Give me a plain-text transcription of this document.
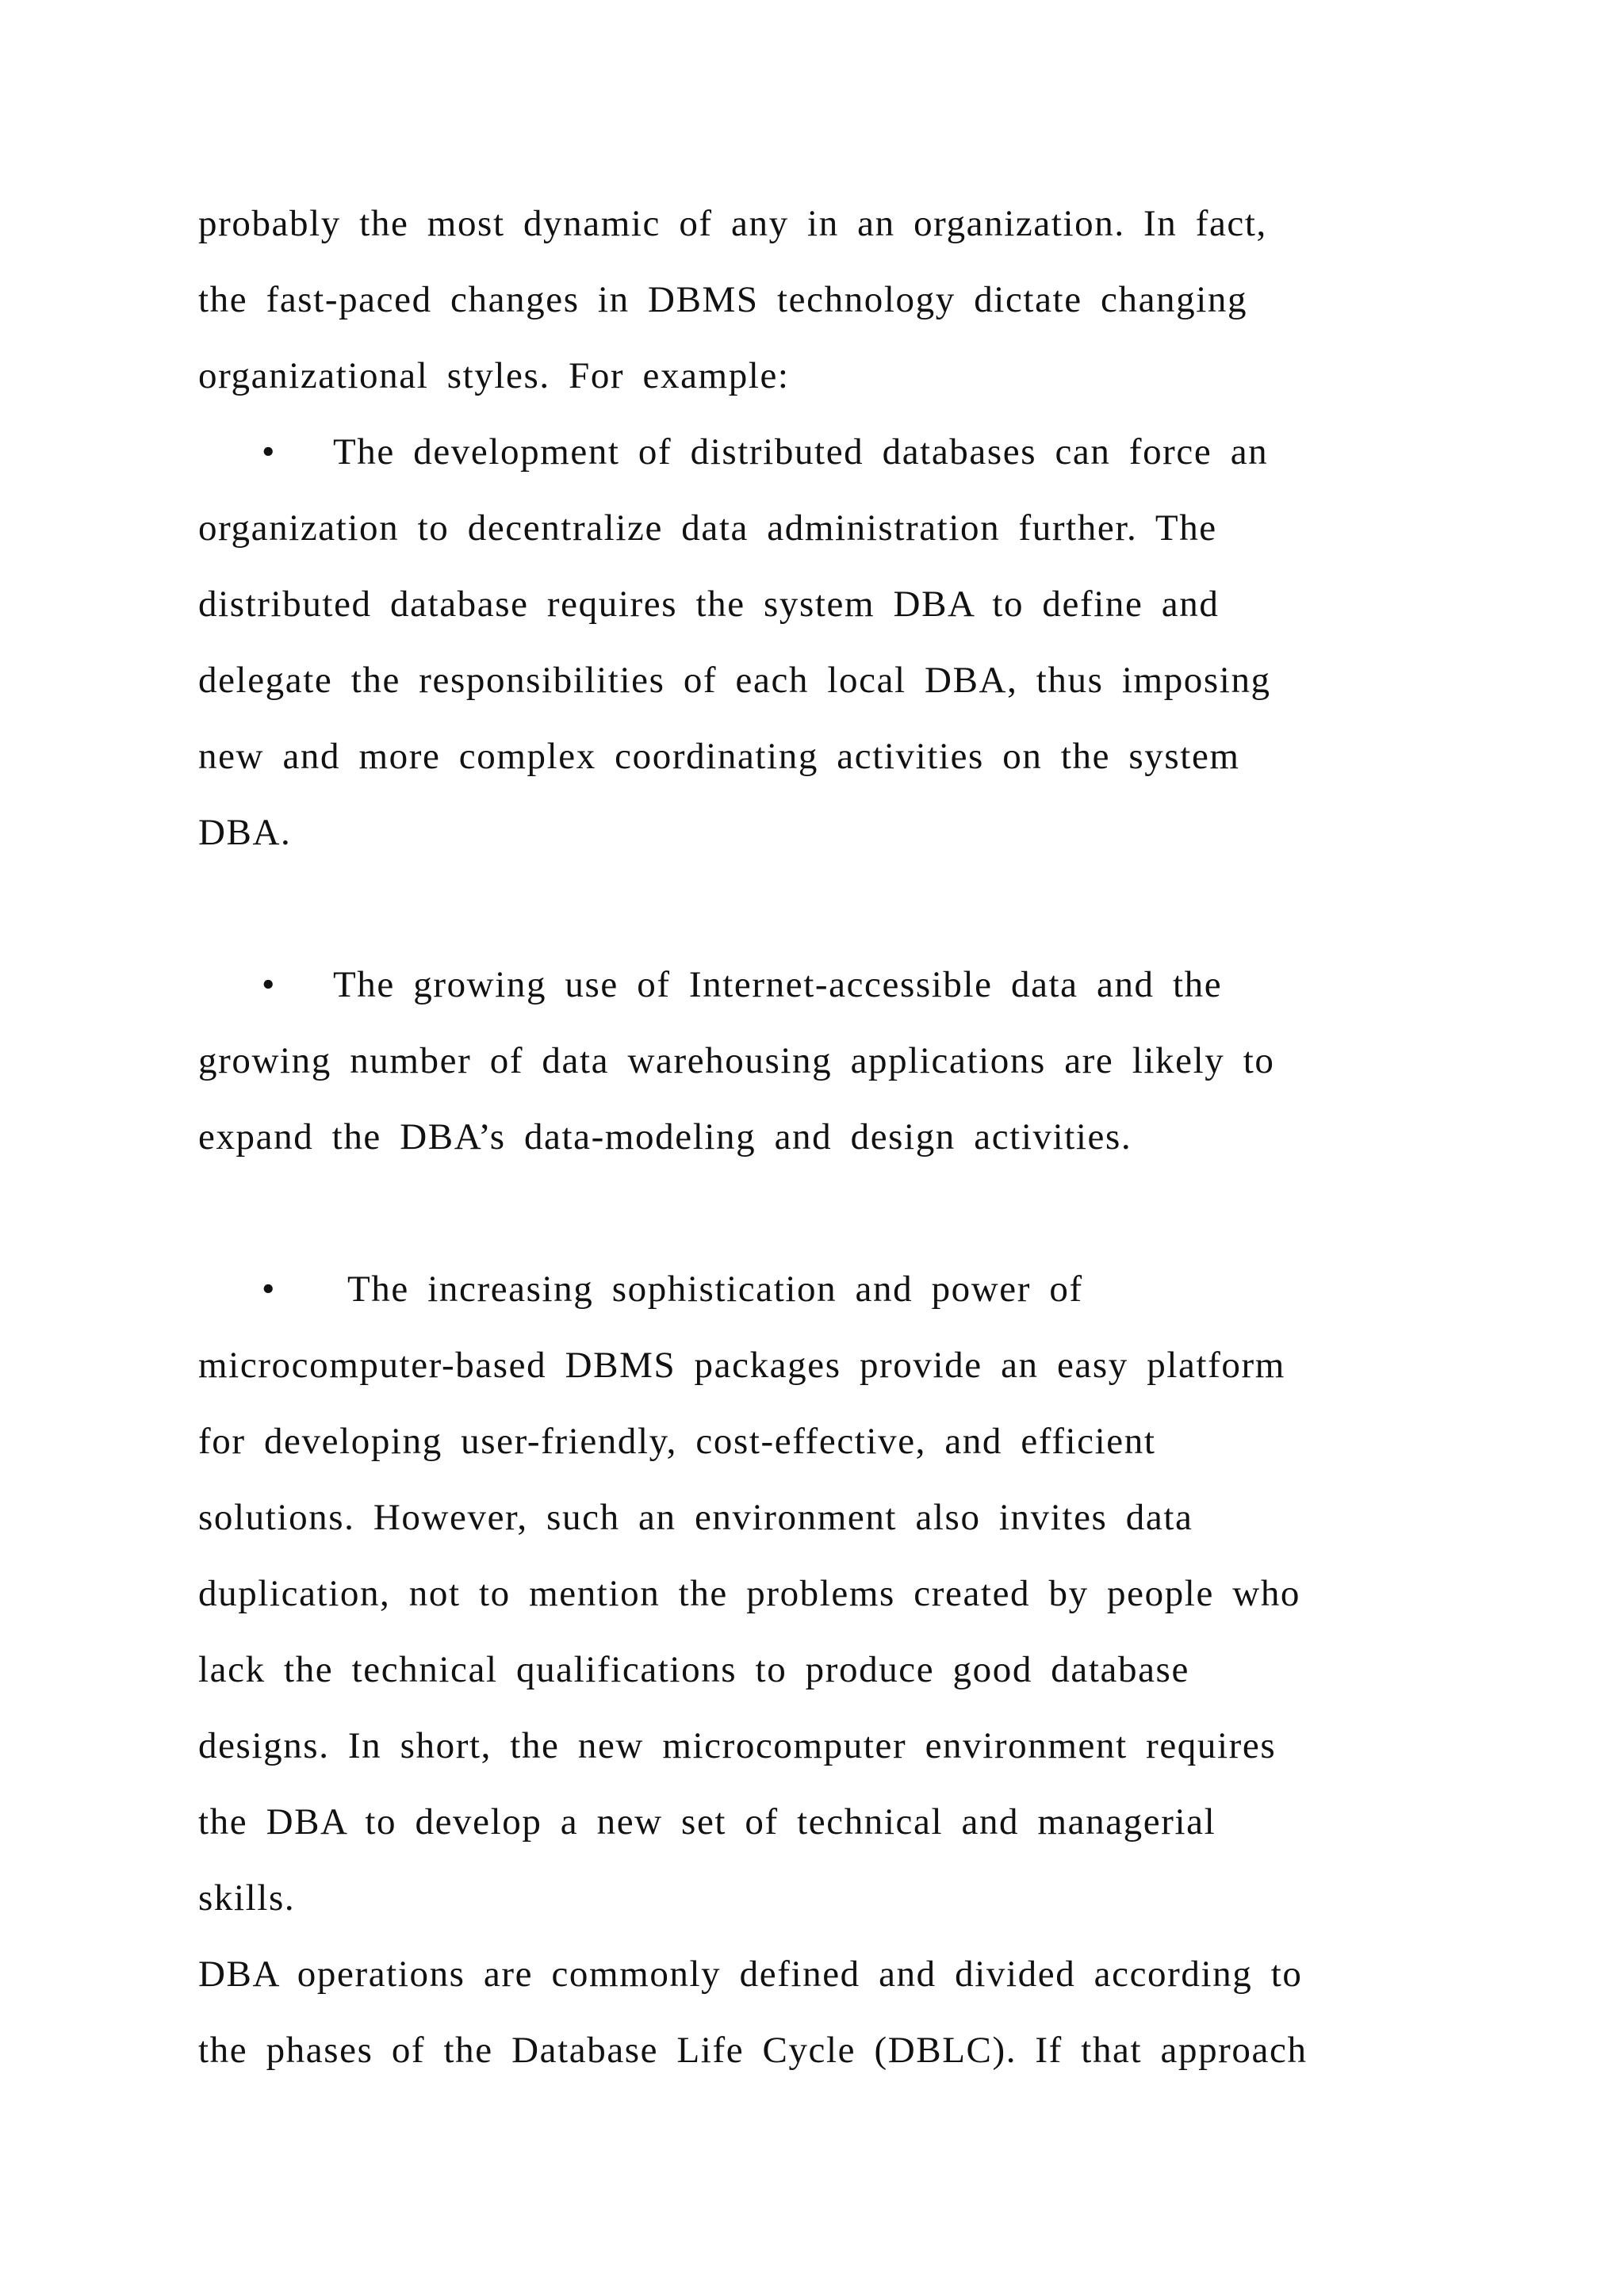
probably the most dynamic of any in an organization. In fact,
the fast-paced changes in DBMS technology dictate changing
organizational styles. For example:
• The development of distributed databases can force an
organization to decentralize data administration further. The
distributed database requires the system DBA to define and
delegate the responsibilities of each local DBA, thus imposing
new and more complex coordinating activities on the system
DBA.
• The growing use of Internet-accessible data and the
growing number of data warehousing applications are likely to
expand the DBA’s data-modeling and design activities.
• The increasing sophistication and power of
microcomputer-based DBMS packages provide an easy platform
for developing user-friendly, cost-effective, and efficient
solutions. However, such an environment also invites data
duplication, not to mention the problems created by people who
lack the technical qualifications to produce good database
designs. In short, the new microcomputer environment requires
the DBA to develop a new set of technical and managerial
skills.
DBA operations are commonly defined and divided according to
the phases of the Database Life Cycle (DBLC). If that approach
